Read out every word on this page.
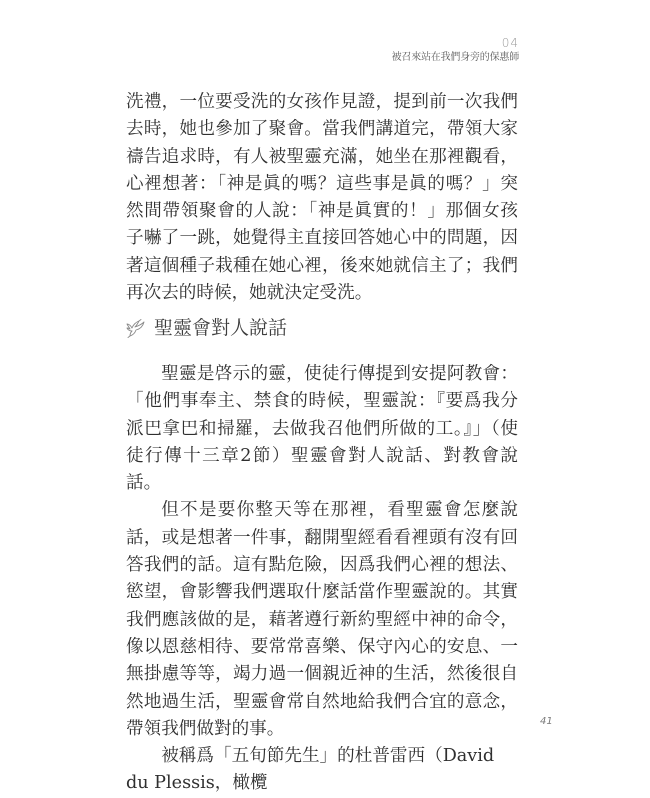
04
被召來站在我們身旁的保惠師

洗禮，一位要受洗的女孩作見證，提到前一次我們去時，她也參加了聚會。當我們講道完，帶領大家禱告追求時，有人被聖靈充滿，她坐在那裡觀看，心裡想著：「神是眞的嗎？這些事是眞的嗎？」突然間帶領聚會的人說：「神是眞實的！」那個女孩子嚇了一跳，她覺得主直接回答她心中的問題，因著這個種子栽種在她心裡，後來她就信主了；我們再次去的時候，她就決定受洗。

聖靈會對人說話

聖靈是啓示的靈，使徒行傳提到安提阿教會：「他們事奉主、禁食的時候，聖靈說：『要爲我分派巴拿巴和掃羅，去做我召他們所做的工。』」（使徒行傳十三章2節）聖靈會對人說話、對教會說話。

但不是要你整天等在那裡，看聖靈會怎麼說話，或是想著一件事，翻開聖經看看裡頭有沒有回答我們的話。這有點危險，因爲我們心裡的想法、慾望，會影響我們選取什麼話當作聖靈說的。其實我們應該做的是，藉著遵行新約聖經中神的命令，像以恩慈相待、要常常喜樂、保守內心的安息、一無掛慮等等，竭力過一個親近神的生活，然後很自然地過生活，聖靈會常自然地給我們合宜的意念，帶領我們做對的事。

被稱爲「五旬節先生」的杜普雷西（David du Plessis，橄欖

41
